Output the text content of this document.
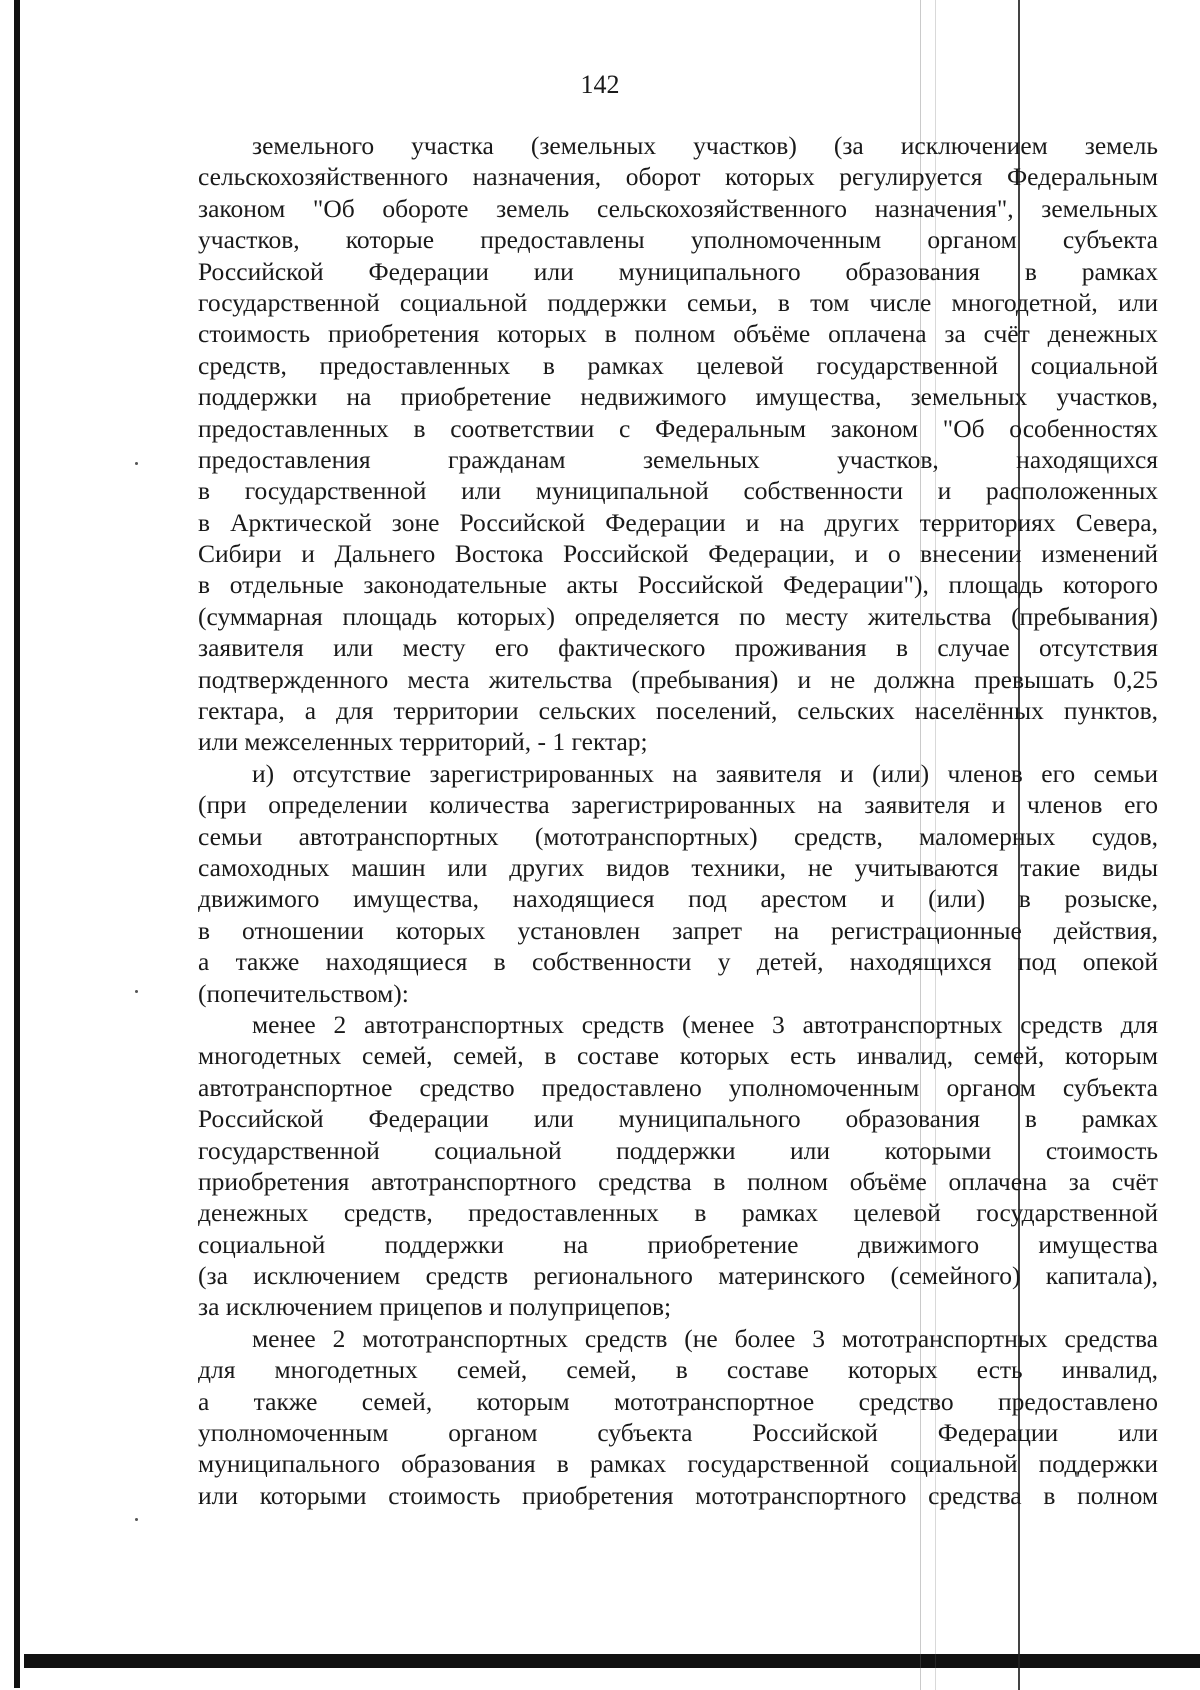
142
земельного участка (земельных участков) (за исключением земель
сельскохозяйственного назначения, оборот которых регулируется Федеральным
законом "Об обороте земель сельскохозяйственного назначения", земельных
участков, которые предоставлены уполномоченным органом субъекта
Российской Федерации или муниципального образования в рамках
государственной социальной поддержки семьи, в том числе многодетной, или
стоимость приобретения которых в полном объёме оплачена за счёт денежных
средств, предоставленных в рамках целевой государственной социальной
поддержки на приобретение недвижимого имущества, земельных участков,
предоставленных в соответствии с Федеральным законом "Об особенностях
предоставления гражданам земельных участков, находящихся
в государственной или муниципальной собственности и расположенных
в Арктической зоне Российской Федерации и на других территориях Севера,
Сибири и Дальнего Востока Российской Федерации, и о внесении изменений
в отдельные законодательные акты Российской Федерации"), площадь которого
(суммарная площадь которых) определяется по месту жительства (пребывания)
заявителя или месту его фактического проживания в случае отсутствия
подтвержденного места жительства (пребывания) и не должна превышать 0,25
гектара, а для территории сельских поселений, сельских населённых пунктов,
или межселенных территорий, - 1 гектар;
и) отсутствие зарегистрированных на заявителя и (или) членов его семьи
(при определении количества зарегистрированных на заявителя и членов его
семьи автотранспортных (мототранспортных) средств, маломерных судов,
самоходных машин или других видов техники, не учитываются такие виды
движимого имущества, находящиеся под арестом и (или) в розыске,
в отношении которых установлен запрет на регистрационные действия,
а также находящиеся в собственности у детей, находящихся под опекой
(попечительством):
менее 2 автотранспортных средств (менее 3 автотранспортных средств для
многодетных семей, семей, в составе которых есть инвалид, семей, которым
автотранспортное средство предоставлено уполномоченным органом субъекта
Российской Федерации или муниципального образования в рамках
государственной социальной поддержки или которыми стоимость
приобретения автотранспортного средства в полном объёме оплачена за счёт
денежных средств, предоставленных в рамках целевой государственной
социальной поддержки на приобретение движимого имущества
(за исключением средств регионального материнского (семейного) капитала),
за исключением прицепов и полуприцепов;
менее 2 мототранспортных средств (не более 3 мототранспортных средства
для многодетных семей, семей, в составе которых есть инвалид,
а также семей, которым мототранспортное средство предоставлено
уполномоченным органом субъекта Российской Федерации или
муниципального образования в рамках государственной социальной поддержки
или которыми стоимость приобретения мототранспортного средства в полном
